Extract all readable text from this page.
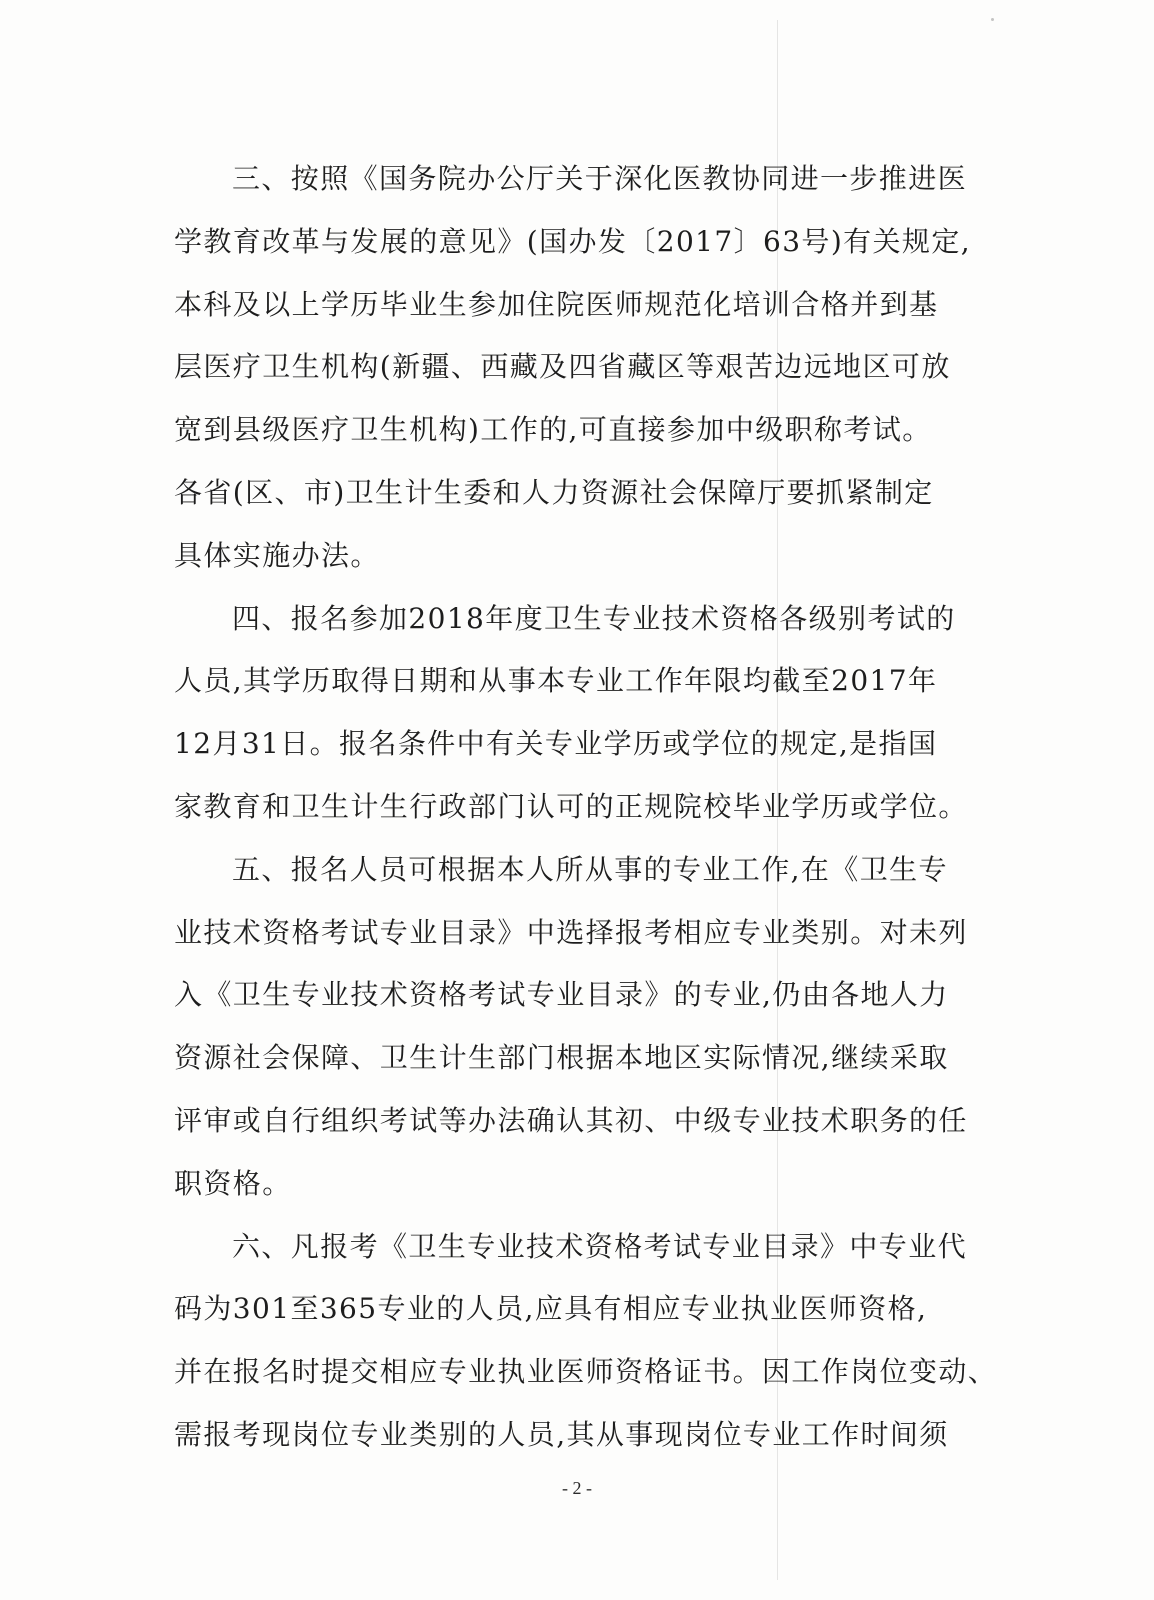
三、按照《国务院办公厅关于深化医教协同进一步推进医
学教育改革与发展的意见》(国办发〔2017〕63号)有关规定,
本科及以上学历毕业生参加住院医师规范化培训合格并到基
层医疗卫生机构(新疆、西藏及四省藏区等艰苦边远地区可放
宽到县级医疗卫生机构)工作的,可直接参加中级职称考试。
各省(区、市)卫生计生委和人力资源社会保障厅要抓紧制定
具体实施办法。
四、报名参加2018年度卫生专业技术资格各级别考试的
人员,其学历取得日期和从事本专业工作年限均截至2017年
12月31日。报名条件中有关专业学历或学位的规定,是指国
家教育和卫生计生行政部门认可的正规院校毕业学历或学位。
五、报名人员可根据本人所从事的专业工作,在《卫生专
业技术资格考试专业目录》中选择报考相应专业类别。对未列
入《卫生专业技术资格考试专业目录》的专业,仍由各地人力
资源社会保障、卫生计生部门根据本地区实际情况,继续采取
评审或自行组织考试等办法确认其初、中级专业技术职务的任
职资格。
六、凡报考《卫生专业技术资格考试专业目录》中专业代
码为301至365专业的人员,应具有相应专业执业医师资格,
并在报名时提交相应专业执业医师资格证书。因工作岗位变动、
需报考现岗位专业类别的人员,其从事现岗位专业工作时间须
- 2 -
